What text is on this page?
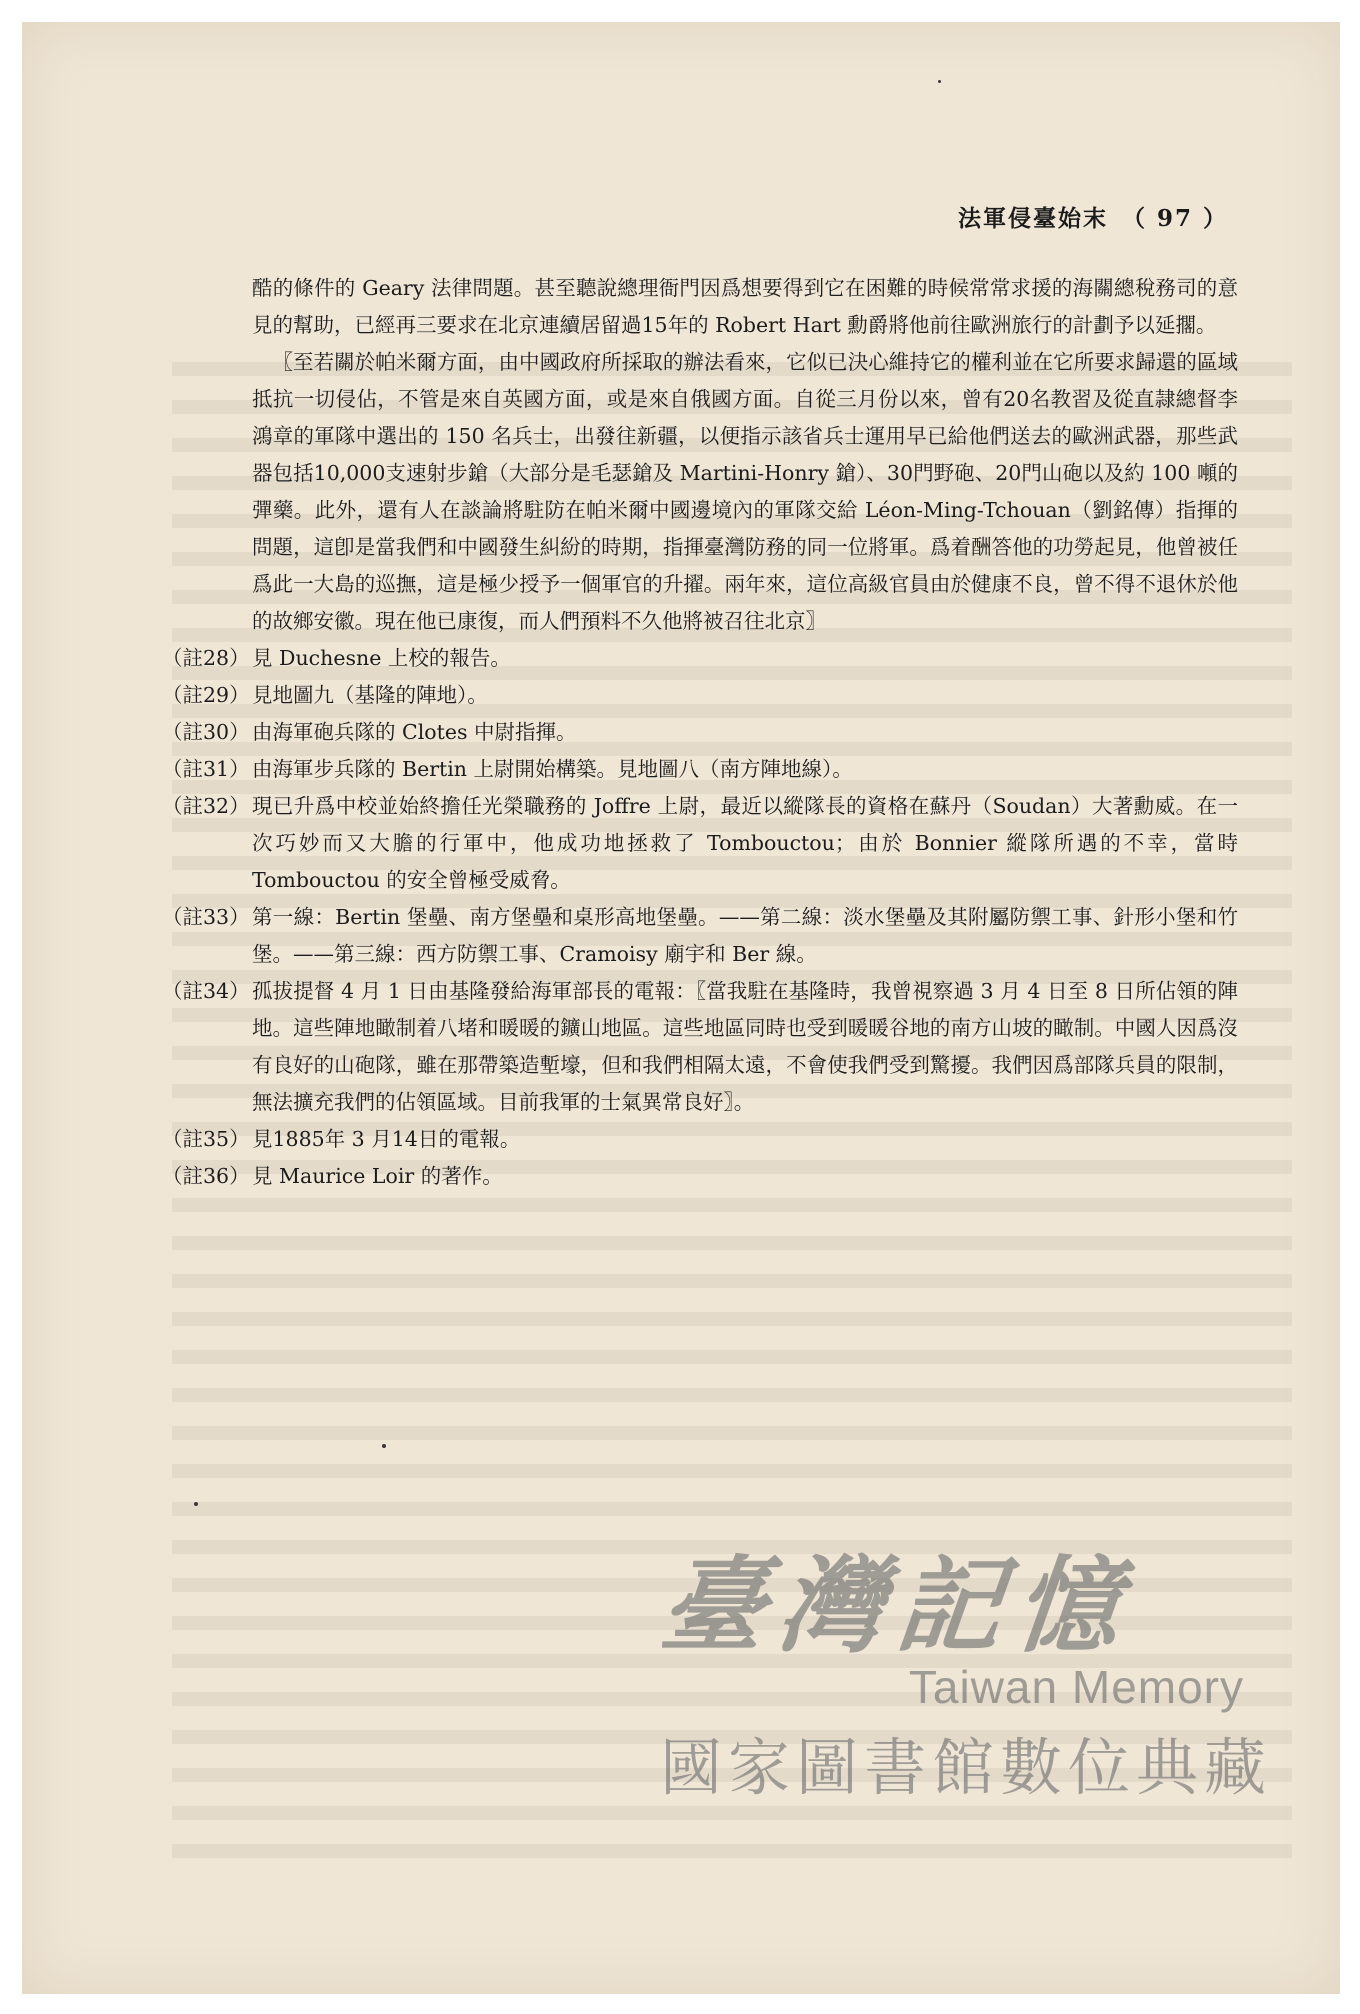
法軍侵臺始末 （ 97 ）

酷的條件的 Geary 法律問題。甚至聽說總理衙門因爲想要得到它在困難的時候常常求援的海關總稅務司的意見的幫助，已經再三要求在北京連續居留過15年的 Robert Hart 勳爵將他前往歐洲旅行的計劃予以延擱。

〖至若關於帕米爾方面，由中國政府所採取的辦法看來，它似已決心維持它的權利並在它所要求歸還的區域抵抗一切侵佔，不管是來自英國方面，或是來自俄國方面。自從三月份以來，曾有20名教習及從直隷總督李鴻章的軍隊中選出的 150 名兵士，出發往新疆，以便指示該省兵士運用早已給他們送去的歐洲武器，那些武器包括10,000支速射步鎗（大部分是毛瑟鎗及 Martini-Honry 鎗）、30門野砲、20門山砲以及約 100 噸的彈藥。此外，還有人在談論將駐防在帕米爾中國邊境內的軍隊交給 Léon-Ming-Tchouan（劉銘傳）指揮的問題，這卽是當我們和中國發生糾紛的時期，指揮臺灣防務的同一位將軍。爲着酬答他的功勞起見，他曾被任爲此一大島的巡撫，這是極少授予一個軍官的升擢。兩年來，這位高級官員由於健康不良，曾不得不退休於他的故鄉安徽。現在他已康復，而人們預料不久他將被召往北京〗

（註28） 見 Duchesne 上校的報告。
（註29） 見地圖九（基隆的陣地）。
（註30） 由海軍砲兵隊的 Clotes 中尉指揮。
（註31） 由海軍步兵隊的 Bertin 上尉開始構築。見地圖八（南方陣地線）。
（註32） 現已升爲中校並始終擔任光榮職務的 Joffre 上尉，最近以縱隊長的資格在蘇丹（Soudan）大著勳威。在一次巧妙而又大膽的行軍中，他成功地拯救了 Tombouctou；由於 Bonnier 縱隊所遇的不幸，當時 Tombouctou 的安全曾極受威脅。
（註33） 第一線：Bertin 堡壘、南方堡壘和桌形高地堡壘。——第二線：淡水堡壘及其附屬防禦工事、針形小堡和竹堡。——第三線：西方防禦工事、Cramoisy 廟宇和 Ber 線。
（註34） 孤拔提督 4 月 1 日由基隆發給海軍部長的電報：〖當我駐在基隆時，我曾視察過 3 月 4 日至 8 日所佔領的陣地。這些陣地瞰制着八堵和暖暖的鑛山地區。這些地區同時也受到暖暖谷地的南方山坡的瞰制。中國人因爲沒有良好的山砲隊，雖在那帶築造塹壕，但和我們相隔太遠，不會使我們受到驚擾。我們因爲部隊兵員的限制，無法擴充我們的佔領區域。目前我軍的士氣異常良好〗。
（註35） 見1885年 3 月14日的電報。
（註36） 見 Maurice Loir 的著作。
臺灣記憶
Taiwan Memory
國家圖書館數位典藏
